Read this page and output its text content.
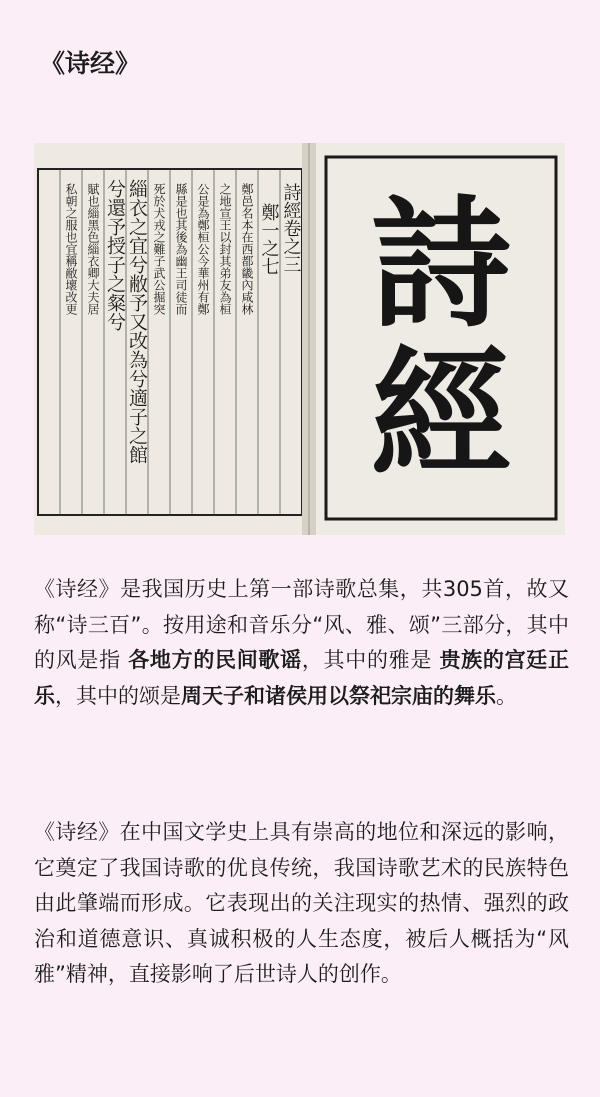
《诗经》
詩經卷之三
鄭一之七
鄭邑名本在西都畿內咸林
之地宣王以封其弟友為桓
公是為鄭桓公今華州有鄭
縣是也其後為幽王司徒而
死於犬戎之難子武公掘突
緇衣之宜兮敝予又改為兮適子之館
兮還予授子之粲兮
賦也緇黑色緇衣卿大夫居
私朝之服也宜稱敝壞改更 詩
經

《诗经》是我国历史上第一部诗歌总集，共305首，故又称“诗三百”。按用途和音乐分“风、雅、颂”三部分，其中的风是指 各地方的民间歌谣，其中的雅是 贵族的宫廷正乐，其中的颂是周天子和诸侯用以祭祀宗庙的舞乐。

《诗经》在中国文学史上具有崇高的地位和深远的影响，它奠定了我国诗歌的优良传统，我国诗歌艺术的民族特色由此肇端而形成。它表现出的关注现实的热情、强烈的政治和道德意识、真诚积极的人生态度，被后人概括为“风雅”精神，直接影响了后世诗人的创作。
